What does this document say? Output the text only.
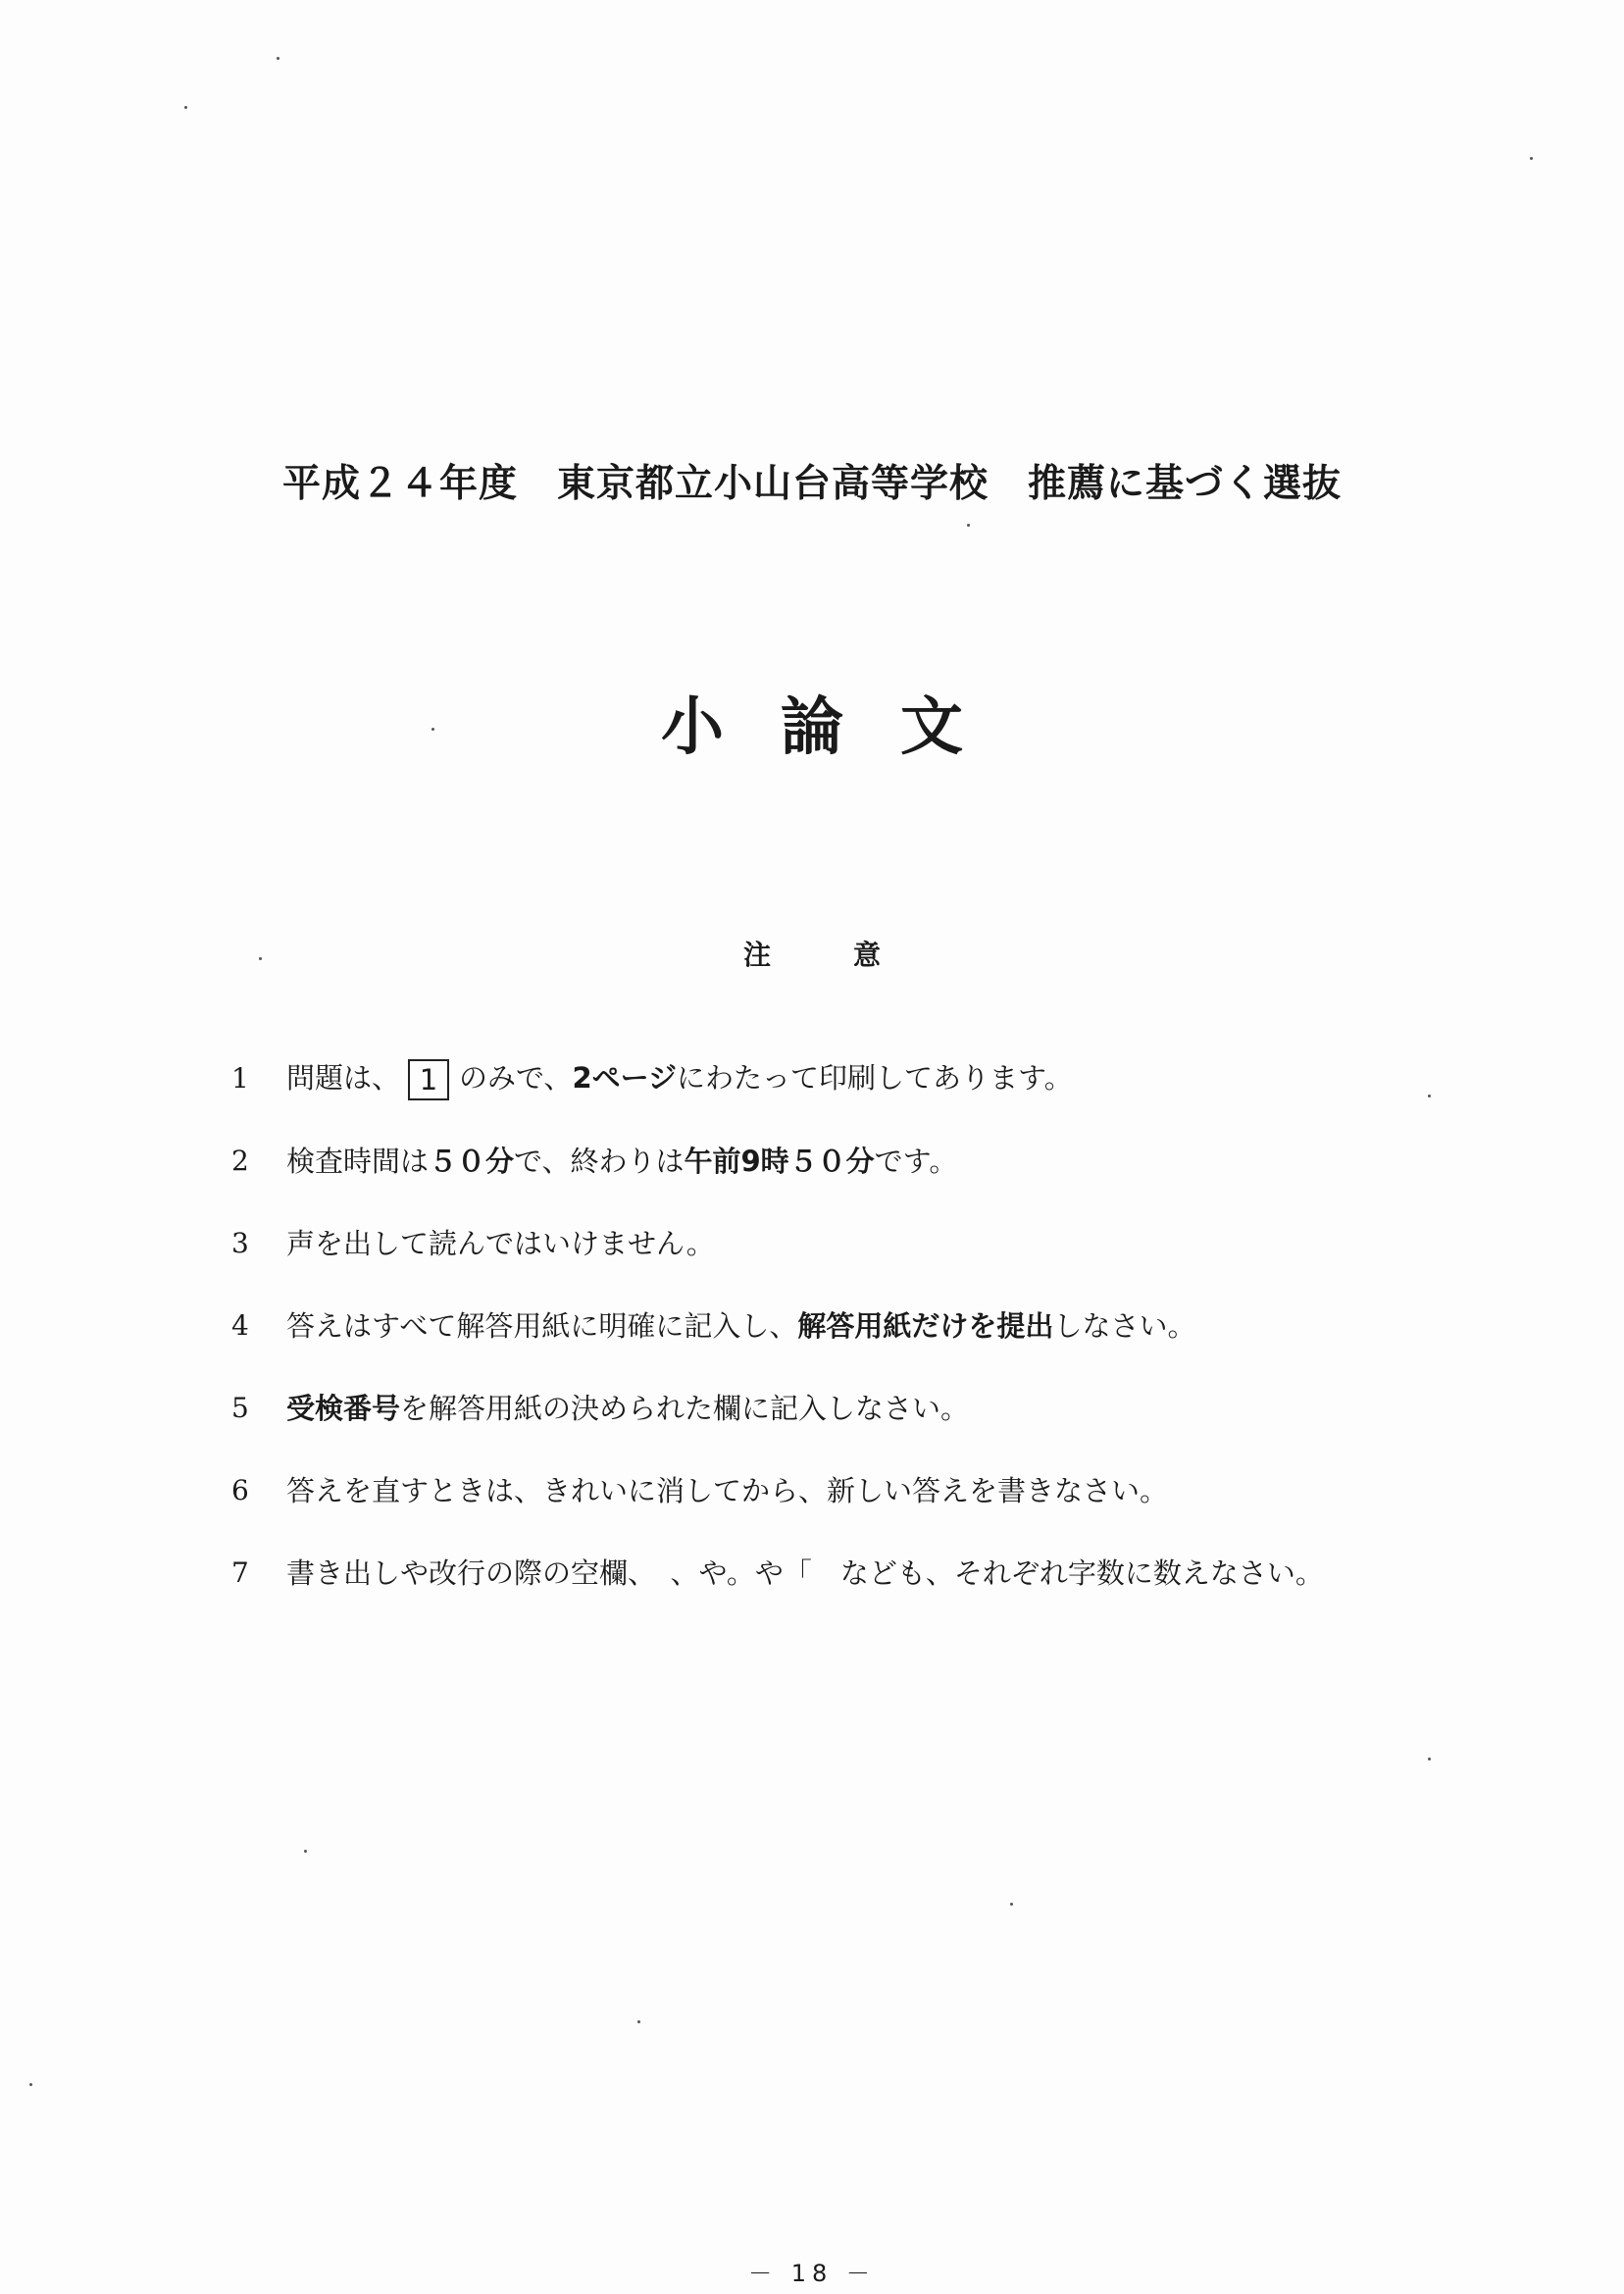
平成２４年度 東京都立小山台高等学校 推薦に基づく選抜
小論文
注意
1	問題は、 1 のみで、2ページにわたって印刷してあります。
2	検査時間は５０分で、終わりは午前9時５０分です。
3	声を出して読んではいけません。
4	答えはすべて解答用紙に明確に記入し、解答用紙だけを提出しなさい。
5	受検番号を解答用紙の決められた欄に記入しなさい。
6	答えを直すときは、きれいに消してから、新しい答えを書きなさい。
7	書き出しや改行の際の空欄、　、や。や「　なども、それぞれ字数に数えなさい。
－ 18 －
